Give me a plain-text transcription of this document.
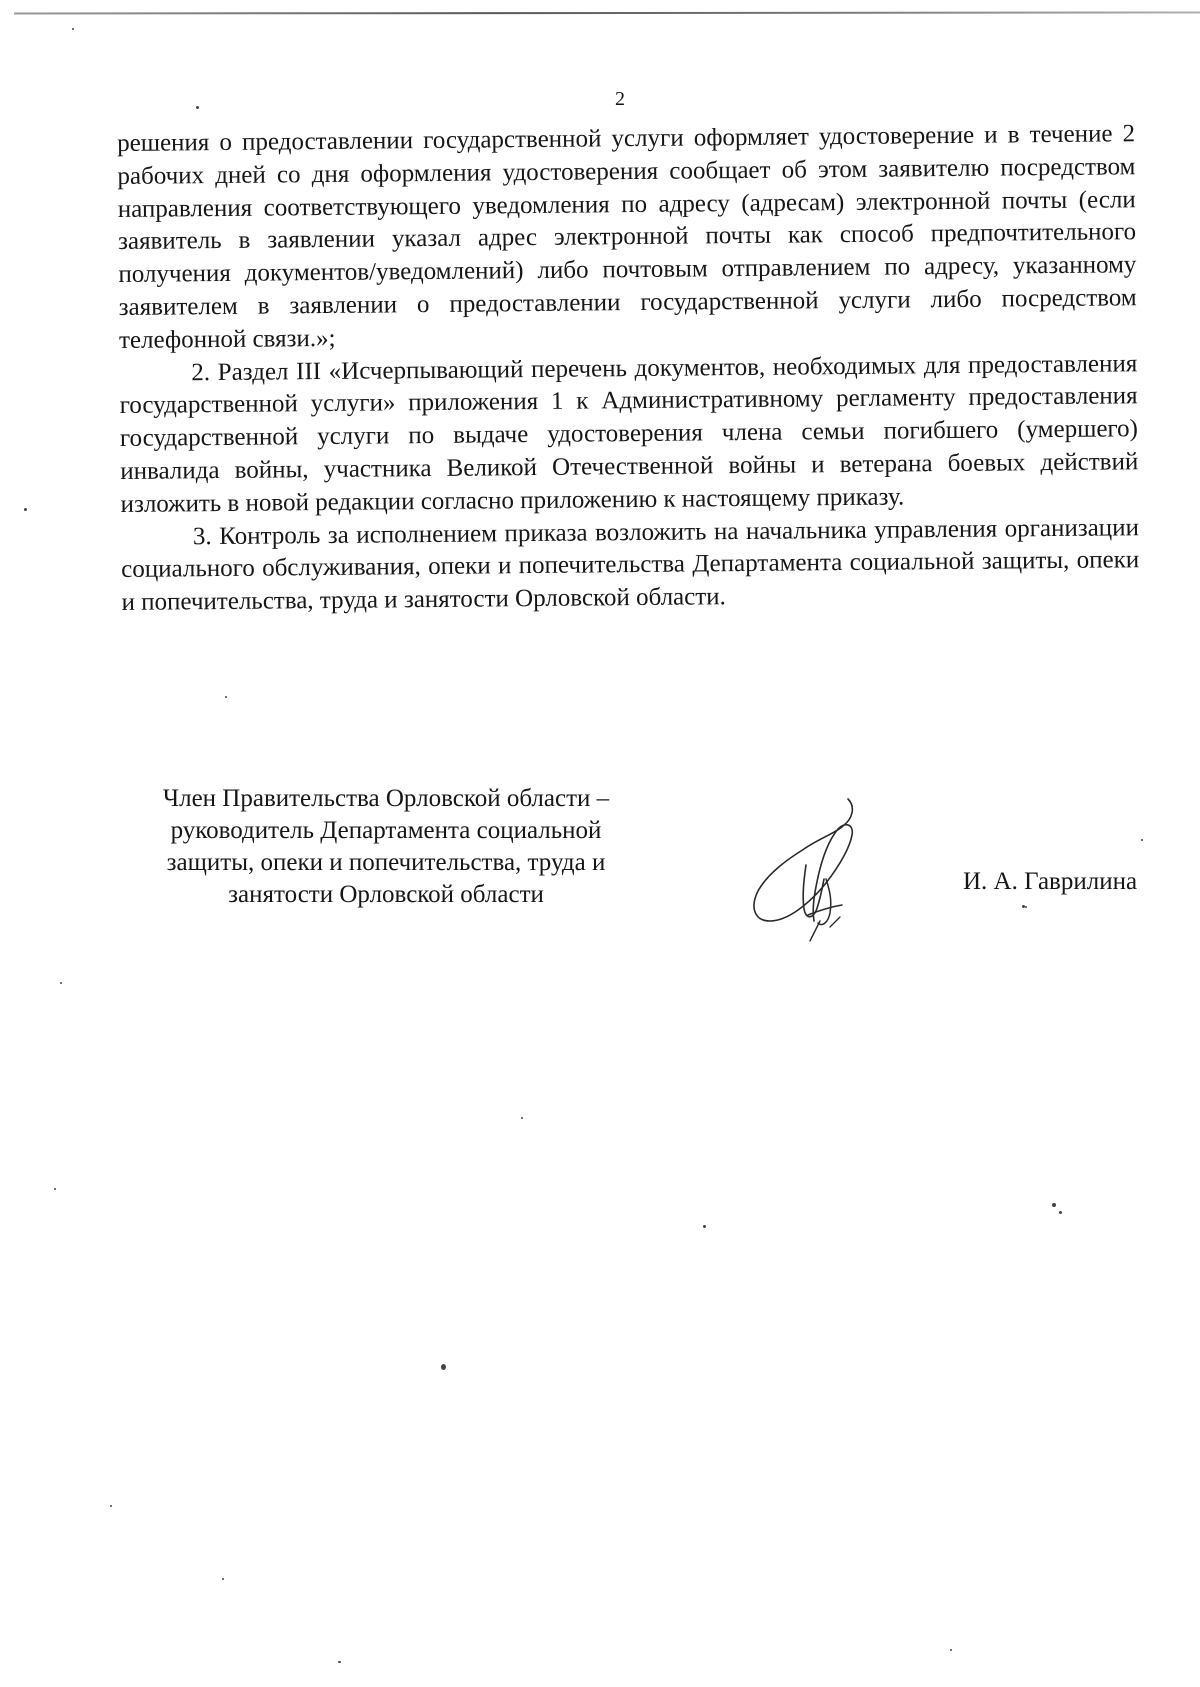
2

решения о предоставлении государственной услуги оформляет удостоверение и в течение 2 рабочих дней со дня оформления удостоверения сообщает об этом заявителю посредством направления соответствующего уведомления по адресу (адресам) электронной почты (если заявитель в заявлении указал адрес электронной почты как способ предпочтительного получения документов/уведомлений) либо почтовым отправлением по адресу, указанному заявителем в заявлении о предоставлении государственной услуги либо посредством телефонной связи.»;

2. Раздел III «Исчерпывающий перечень документов, необходимых для предоставления государственной услуги» приложения 1 к Административному регламенту предоставления государственной услуги по выдаче удостоверения члена семьи погибшего (умершего) инвалида войны, участника Великой Отечественной войны и ветерана боевых действий изложить в новой редакции согласно приложению к настоящему приказу.

3. Контроль за исполнением приказа возложить на начальника управления организации социального обслуживания, опеки и попечительства Департамента социальной защиты, опеки и попечительства, труда и занятости Орловской области.

Член Правительства Орловской области –
руководитель Департамента социальной
защиты, опеки и попечительства, труда и
занятости Орловской области	И. А. Гаврилина
